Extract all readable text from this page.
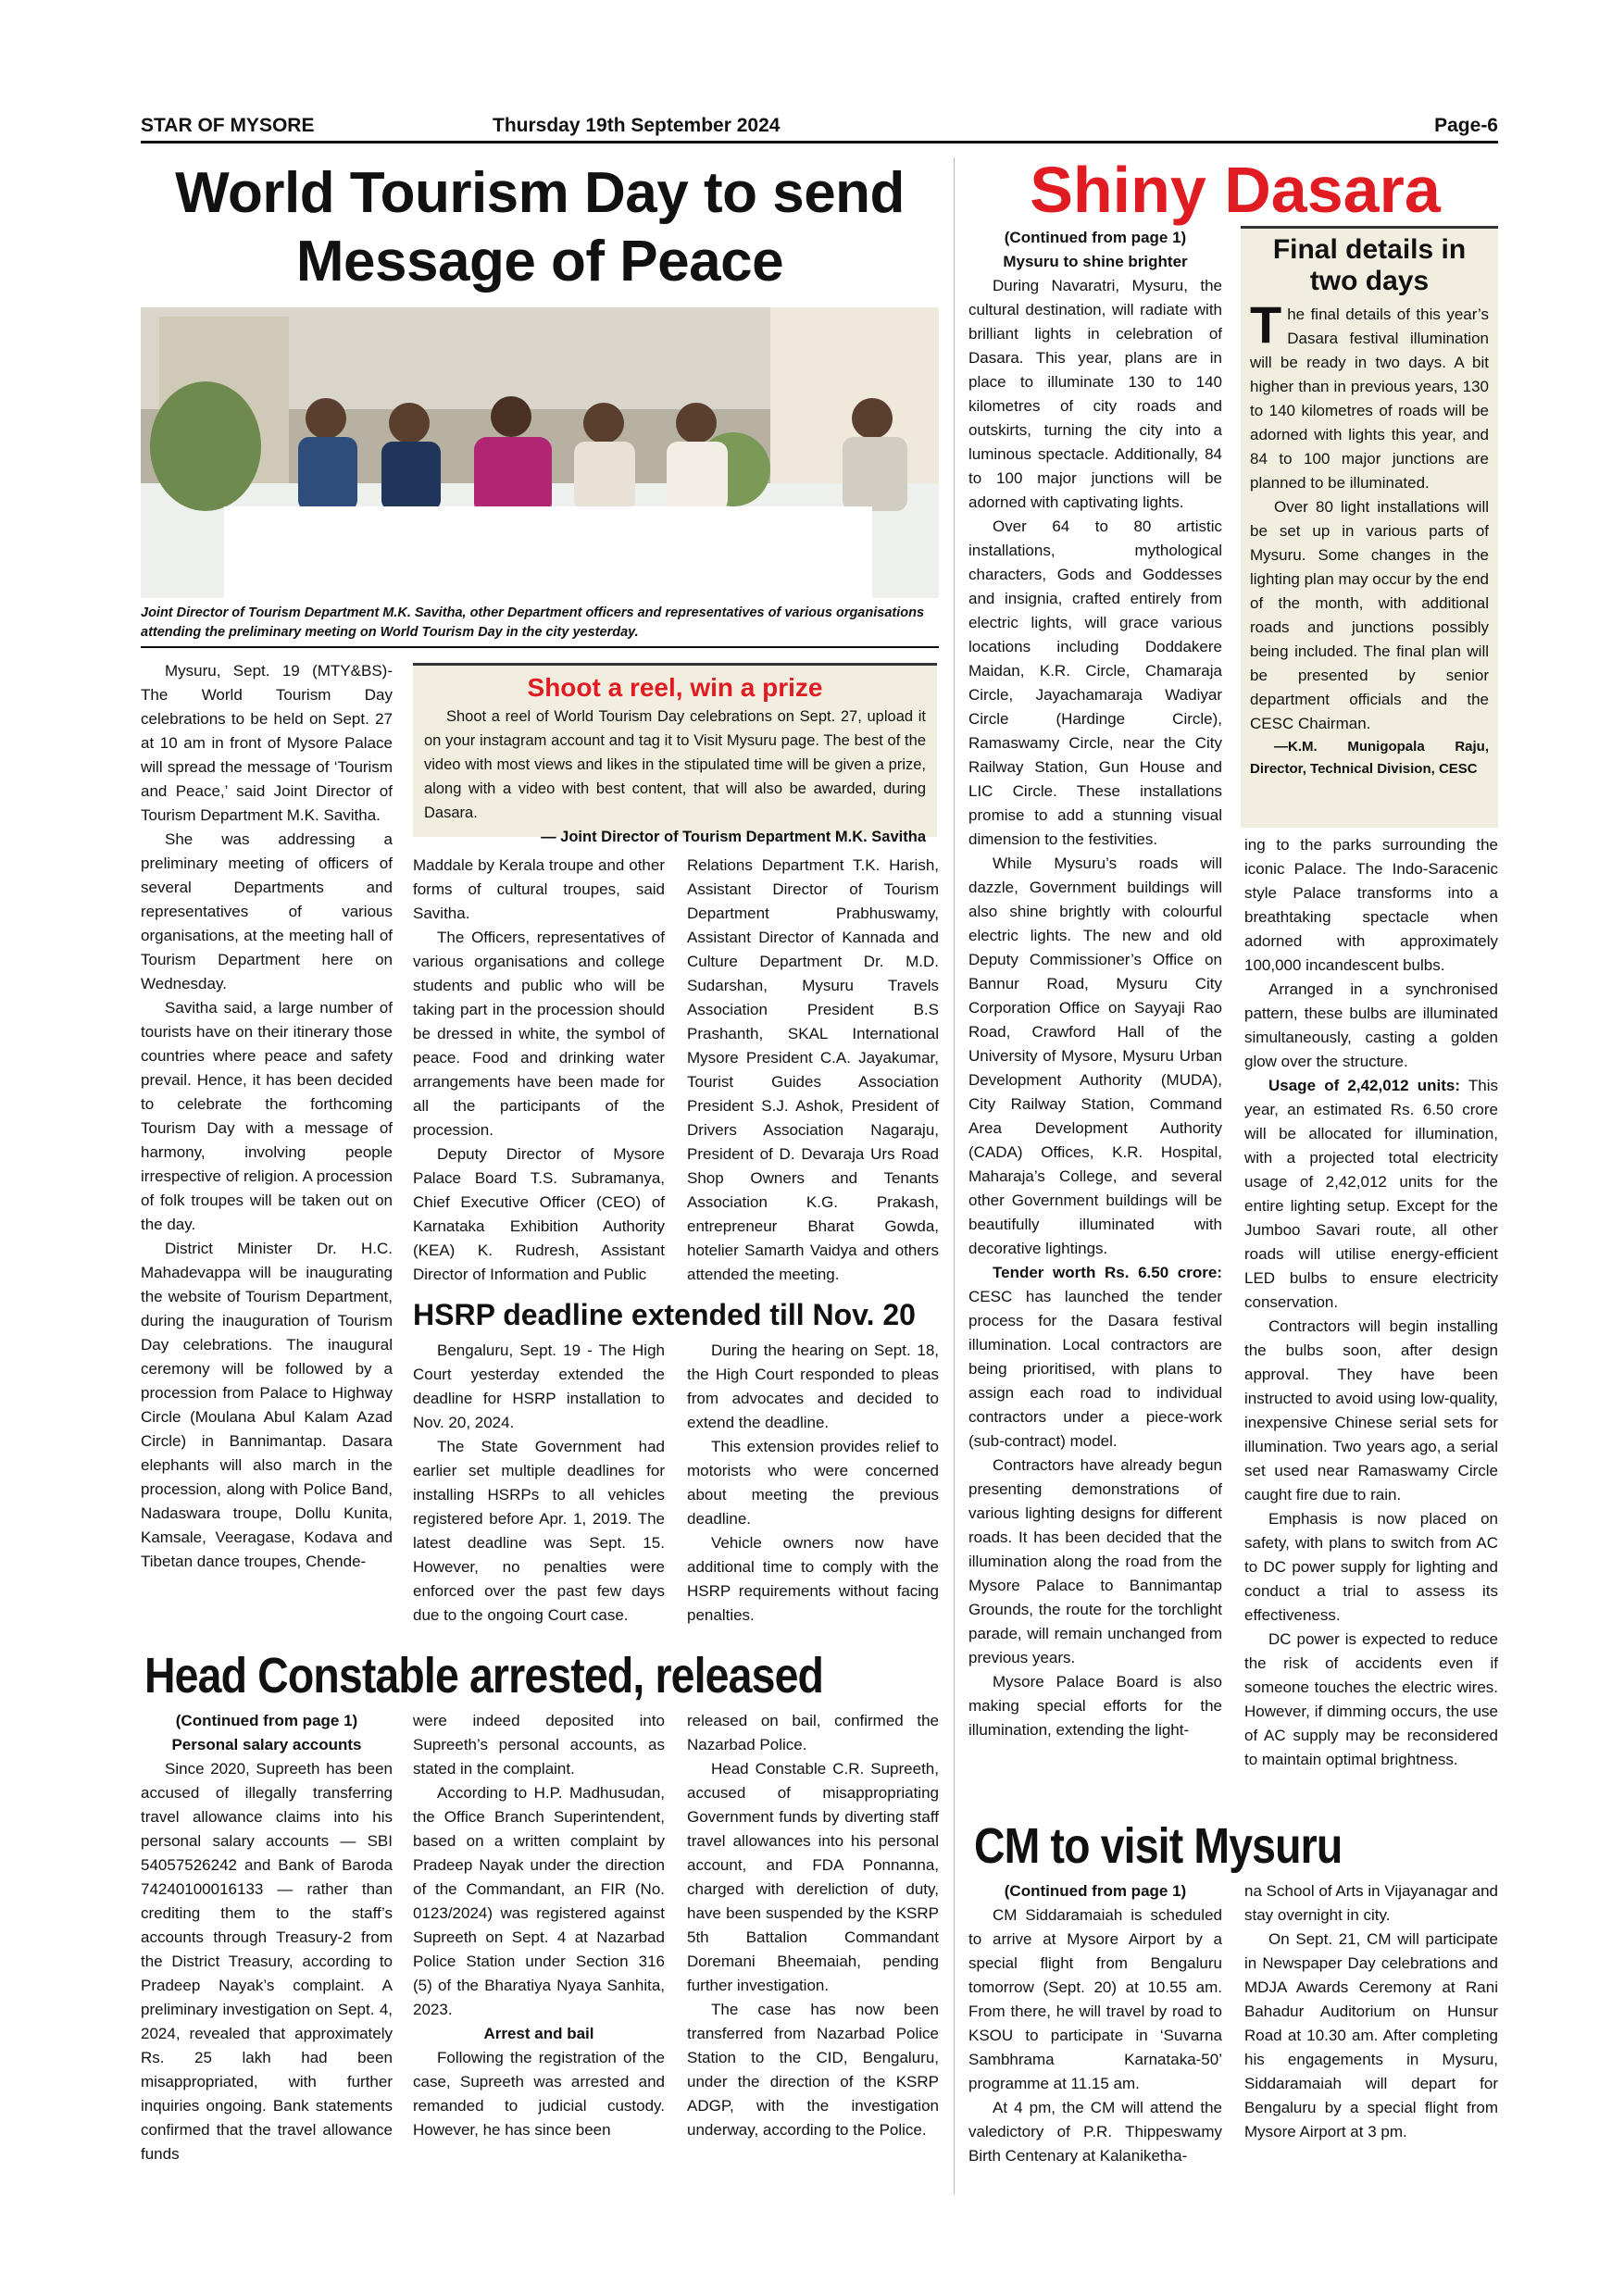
STAR OF MYSORE	Thursday 19th September 2024	Page-6
World Tourism Day to send Message of Peace
Joint Director of Tourism Department M.K. Savitha, other Department officers and representatives of various organisations attending the preliminary meeting on World Tourism Day in the city yesterday.

Mysuru, Sept. 19 (MTY&BS)- The World Tourism Day celebrations to be held on Sept. 27 at 10 am in front of Mysore Palace will spread the message of ‘Tourism and Peace,’ said Joint Director of Tourism Department M.K. Savitha.

She was addressing a preliminary meeting of officers of several Departments and representatives of various organisations, at the meeting hall of Tourism Department here on Wednesday.

Savitha said, a large number of tourists have on their itinerary those countries where peace and safety prevail. Hence, it has been decided to celebrate the forthcoming Tourism Day with a message of harmony, involving people irrespective of religion. A procession of folk troupes will be taken out on the day.

District Minister Dr. H.C. Mahadevappa will be inaugurating the website of Tourism Department, during the inauguration of Tourism Day celebrations. The inaugural ceremony will be followed by a procession from Palace to Highway Circle (Moulana Abul Kalam Azad Circle) in Bannimantap. Dasara elephants will also march in the procession, along with Police Band, Nadaswara troupe, Dollu Kunita, Kamsale, Veeragase, Kodava and Tibetan dance troupes, Chende-

Shoot a reel, win a prize
Shoot a reel of World Tourism Day celebrations on Sept. 27, upload it on your instagram account and tag it to Visit Mysuru page. The best of the video with most views and likes in the stipulated time will be given a prize, along with a video with best content, that will also be awarded, during Dasara.
— Joint Director of Tourism Department M.K. Savitha

Maddale by Kerala troupe and other forms of cultural troupes, said Savitha.

The Officers, representatives of various organisations and college students and public who will be taking part in the procession should be dressed in white, the symbol of peace. Food and drinking water arrangements have been made for all the participants of the procession.

Deputy Director of Mysore Palace Board T.S. Subramanya, Chief Executive Officer (CEO) of Karnataka Exhibition Authority (KEA) K. Rudresh, Assistant Director of Information and Public

Relations Department T.K. Harish, Assistant Director of Tourism Department Prabhuswamy, Assistant Director of Kannada and Culture Department Dr. M.D. Sudarshan, Mysuru Travels Association President B.S Prashanth, SKAL International Mysore President C.A. Jayakumar, Tourist Guides Association President S.J. Ashok, President of Drivers Association Nagaraju, President of D. Devaraja Urs Road Shop Owners and Tenants Association K.G. Prakash, entrepreneur Bharat Gowda, hotelier Samarth Vaidya and others attended the meeting.

HSRP deadline extended till Nov. 20

Bengaluru, Sept. 19 - The High Court yesterday extended the deadline for HSRP installation to Nov. 20, 2024.

The State Government had earlier set multiple deadlines for installing HSRPs to all vehicles registered before Apr. 1, 2019. The latest deadline was Sept. 15. However, no penalties were enforced over the past few days due to the ongoing Court case.

During the hearing on Sept. 18, the High Court responded to pleas from advocates and decided to extend the deadline.

This extension provides relief to motorists who were concerned about meeting the previous deadline.

Vehicle owners now have additional time to comply with the HSRP requirements without facing penalties.

Head Constable arrested, released

(Continued from page 1)

Personal salary accounts

Since 2020, Supreeth has been accused of illegally transferring travel allowance claims into his personal salary accounts — SBI 54057526242 and Bank of Baroda 74240100016133 — rather than crediting them to the staff’s accounts through Treasury-2 from the District Treasury, according to Pradeep Nayak’s complaint. A preliminary investigation on Sept. 4, 2024, revealed that approximately Rs. 25 lakh had been misappropriated, with further inquiries ongoing. Bank statements confirmed that the travel allowance funds

were indeed deposited into Supreeth’s personal accounts, as stated in the complaint.

According to H.P. Madhusudan, the Office Branch Superintendent, based on a written complaint by Pradeep Nayak under the direction of the Commandant, an FIR (No. 0123/2024) was registered against Supreeth on Sept. 4 at Nazarbad Police Station under Section 316 (5) of the Bharatiya Nyaya Sanhita, 2023.

Arrest and bail

Following the registration of the case, Supreeth was arrested and remanded to judicial custody. However, he has since been

released on bail, confirmed the Nazarbad Police.

Head Constable C.R. Supreeth, accused of misappropriating Government funds by diverting staff travel allowances into his personal account, and FDA Ponnanna, charged with dereliction of duty, have been suspended by the KSRP 5th Battalion Commandant Doremani Bheemaiah, pending further investigation.

The case has now been transferred from Nazarbad Police Station to the CID, Bengaluru, under the direction of the KSRP ADGP, with the investigation underway, according to the Police.

Shiny Dasara

(Continued from page 1)

Mysuru to shine brighter

During Navaratri, Mysuru, the cultural destination, will radiate with brilliant lights in celebration of Dasara. This year, plans are in place to illuminate 130 to 140 kilometres of city roads and outskirts, turning the city into a luminous spectacle. Additionally, 84 to 100 major junctions will be adorned with captivating lights.

Over 64 to 80 artistic installations, mythological characters, Gods and Goddesses and insignia, crafted entirely from electric lights, will grace various locations including Doddakere Maidan, K.R. Circle, Chamaraja Circle, Jayachamaraja Wadiyar Circle (Hardinge Circle), Ramaswamy Circle, near the City Railway Station, Gun House and LIC Circle. These installations promise to add a stunning visual dimension to the festivities.

While Mysuru’s roads will dazzle, Government buildings will also shine brightly with colourful electric lights. The new and old Deputy Commissioner’s Office on Bannur Road, Mysuru City Corporation Office on Sayyaji Rao Road, Crawford Hall of the University of Mysore, Mysuru Urban Development Authority (MUDA), City Railway Station, Command Area Development Authority (CADA) Offices, K.R. Hospital, Maharaja’s College, and several other Government buildings will be beautifully illuminated with decorative lightings.

Tender worth Rs. 6.50 crore: CESC has launched the tender process for the Dasara festival illumination. Local contractors are being prioritised, with plans to assign each road to individual contractors under a piece-work (sub-contract) model.

Contractors have already begun presenting demonstrations of various lighting designs for different roads. It has been decided that the illumination along the road from the Mysore Palace to Bannimantap Grounds, the route for the torchlight parade, will remain unchanged from previous years.

Mysore Palace Board is also making special efforts for the illumination, extending the light-

Final details in two days

The final details of this year’s Dasara festival illumination will be ready in two days. A bit higher than in previous years, 130 to 140 kilometres of roads will be adorned with lights this year, and 84 to 100 major junctions are planned to be illuminated.

Over 80 light installations will be set up in various parts of Mysuru. Some changes in the lighting plan may occur by the end of the month, with additional roads and junctions possibly being included. The final plan will be presented by senior department officials and the CESC Chairman.

—K.M. Munigopala Raju, Director, Technical Division, CESC

ing to the parks surrounding the iconic Palace. The Indo-Saracenic style Palace transforms into a breathtaking spectacle when adorned with approximately 100,000 incandescent bulbs.

Arranged in a synchronised pattern, these bulbs are illuminated simultaneously, casting a golden glow over the structure.

Usage of 2,42,012 units: This year, an estimated Rs. 6.50 crore will be allocated for illumination, with a projected total electricity usage of 2,42,012 units for the entire lighting setup. Except for the Jumboo Savari route, all other roads will utilise energy-efficient LED bulbs to ensure electricity conservation.

Contractors will begin installing the bulbs soon, after design approval. They have been instructed to avoid using low-quality, inexpensive Chinese serial sets for illumination. Two years ago, a serial set used near Ramaswamy Circle caught fire due to rain.

Emphasis is now placed on safety, with plans to switch from AC to DC power supply for lighting and conduct a trial to assess its effectiveness.

DC power is expected to reduce the risk of accidents even if someone touches the electric wires. However, if dimming occurs, the use of AC supply may be reconsidered to maintain optimal brightness.

CM to visit Mysuru

(Continued from page 1)

CM Siddaramaiah is scheduled to arrive at Mysore Airport by a special flight from Bengaluru tomorrow (Sept. 20) at 10.55 am. From there, he will travel by road to KSOU to participate in ‘Suvarna Sambhrama Karnataka-50’ programme at 11.15 am.

At 4 pm, the CM will attend the valedictory of P.R. Thippeswamy Birth Centenary at Kalaniketha-

na School of Arts in Vijayanagar and stay overnight in city.

On Sept. 21, CM will participate in Newspaper Day celebrations and MDJA Awards Ceremony at Rani Bahadur Auditorium on Hunsur Road at 10.30 am. After completing his engagements in Mysuru, Siddaramaiah will depart for Bengaluru by a special flight from Mysore Airport at 3 pm.
